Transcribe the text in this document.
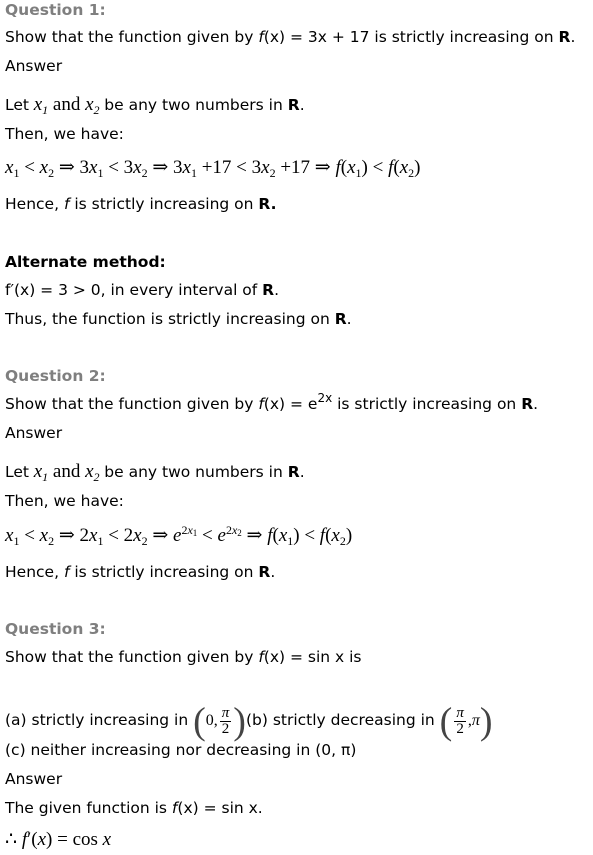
Question 1:
Show that the function given by f(x) = 3x + 17 is strictly increasing on R.
Answer
Let $x_1$ and $x_2$ be any two numbers in R.
Then, we have:
$x_1 < x_2$ ⇒ $3x_1 < 3x_2$ ⇒ $3x_1 +17 < 3x_2 +17$ ⇒ $f(x_1) < f(x_2)$
Hence, f is strictly increasing on R.
Alternate method:
f′(x) = 3 > 0, in every interval of R.
Thus, the function is strictly increasing on R.
Question 2:
Show that the function given by $f(x) = e^{2x}$ is strictly increasing on R.
Answer
Let $x_1$ and $x_2$ be any two numbers in R.
Then, we have:
$x_1 < x_2$ ⇒ $2x_1 < 2x_2$ ⇒ $e^{2x_1} < e^{2x_2}$ ⇒ $f(x_1) < f(x_2)$
Hence, f is strictly increasing on R.
Question 3:
Show that the function given by f(x) = sin x is
(a) strictly increasing in (0, $\frac{\pi}{2} )(b)$ strictly decreasing in ( $\frac{\pi}{2} ,\pi$)
(c) neither increasing nor decreasing in (0, π)
Answer
The given function is f(x) = sin x.
∴ f′(x) = cos x
